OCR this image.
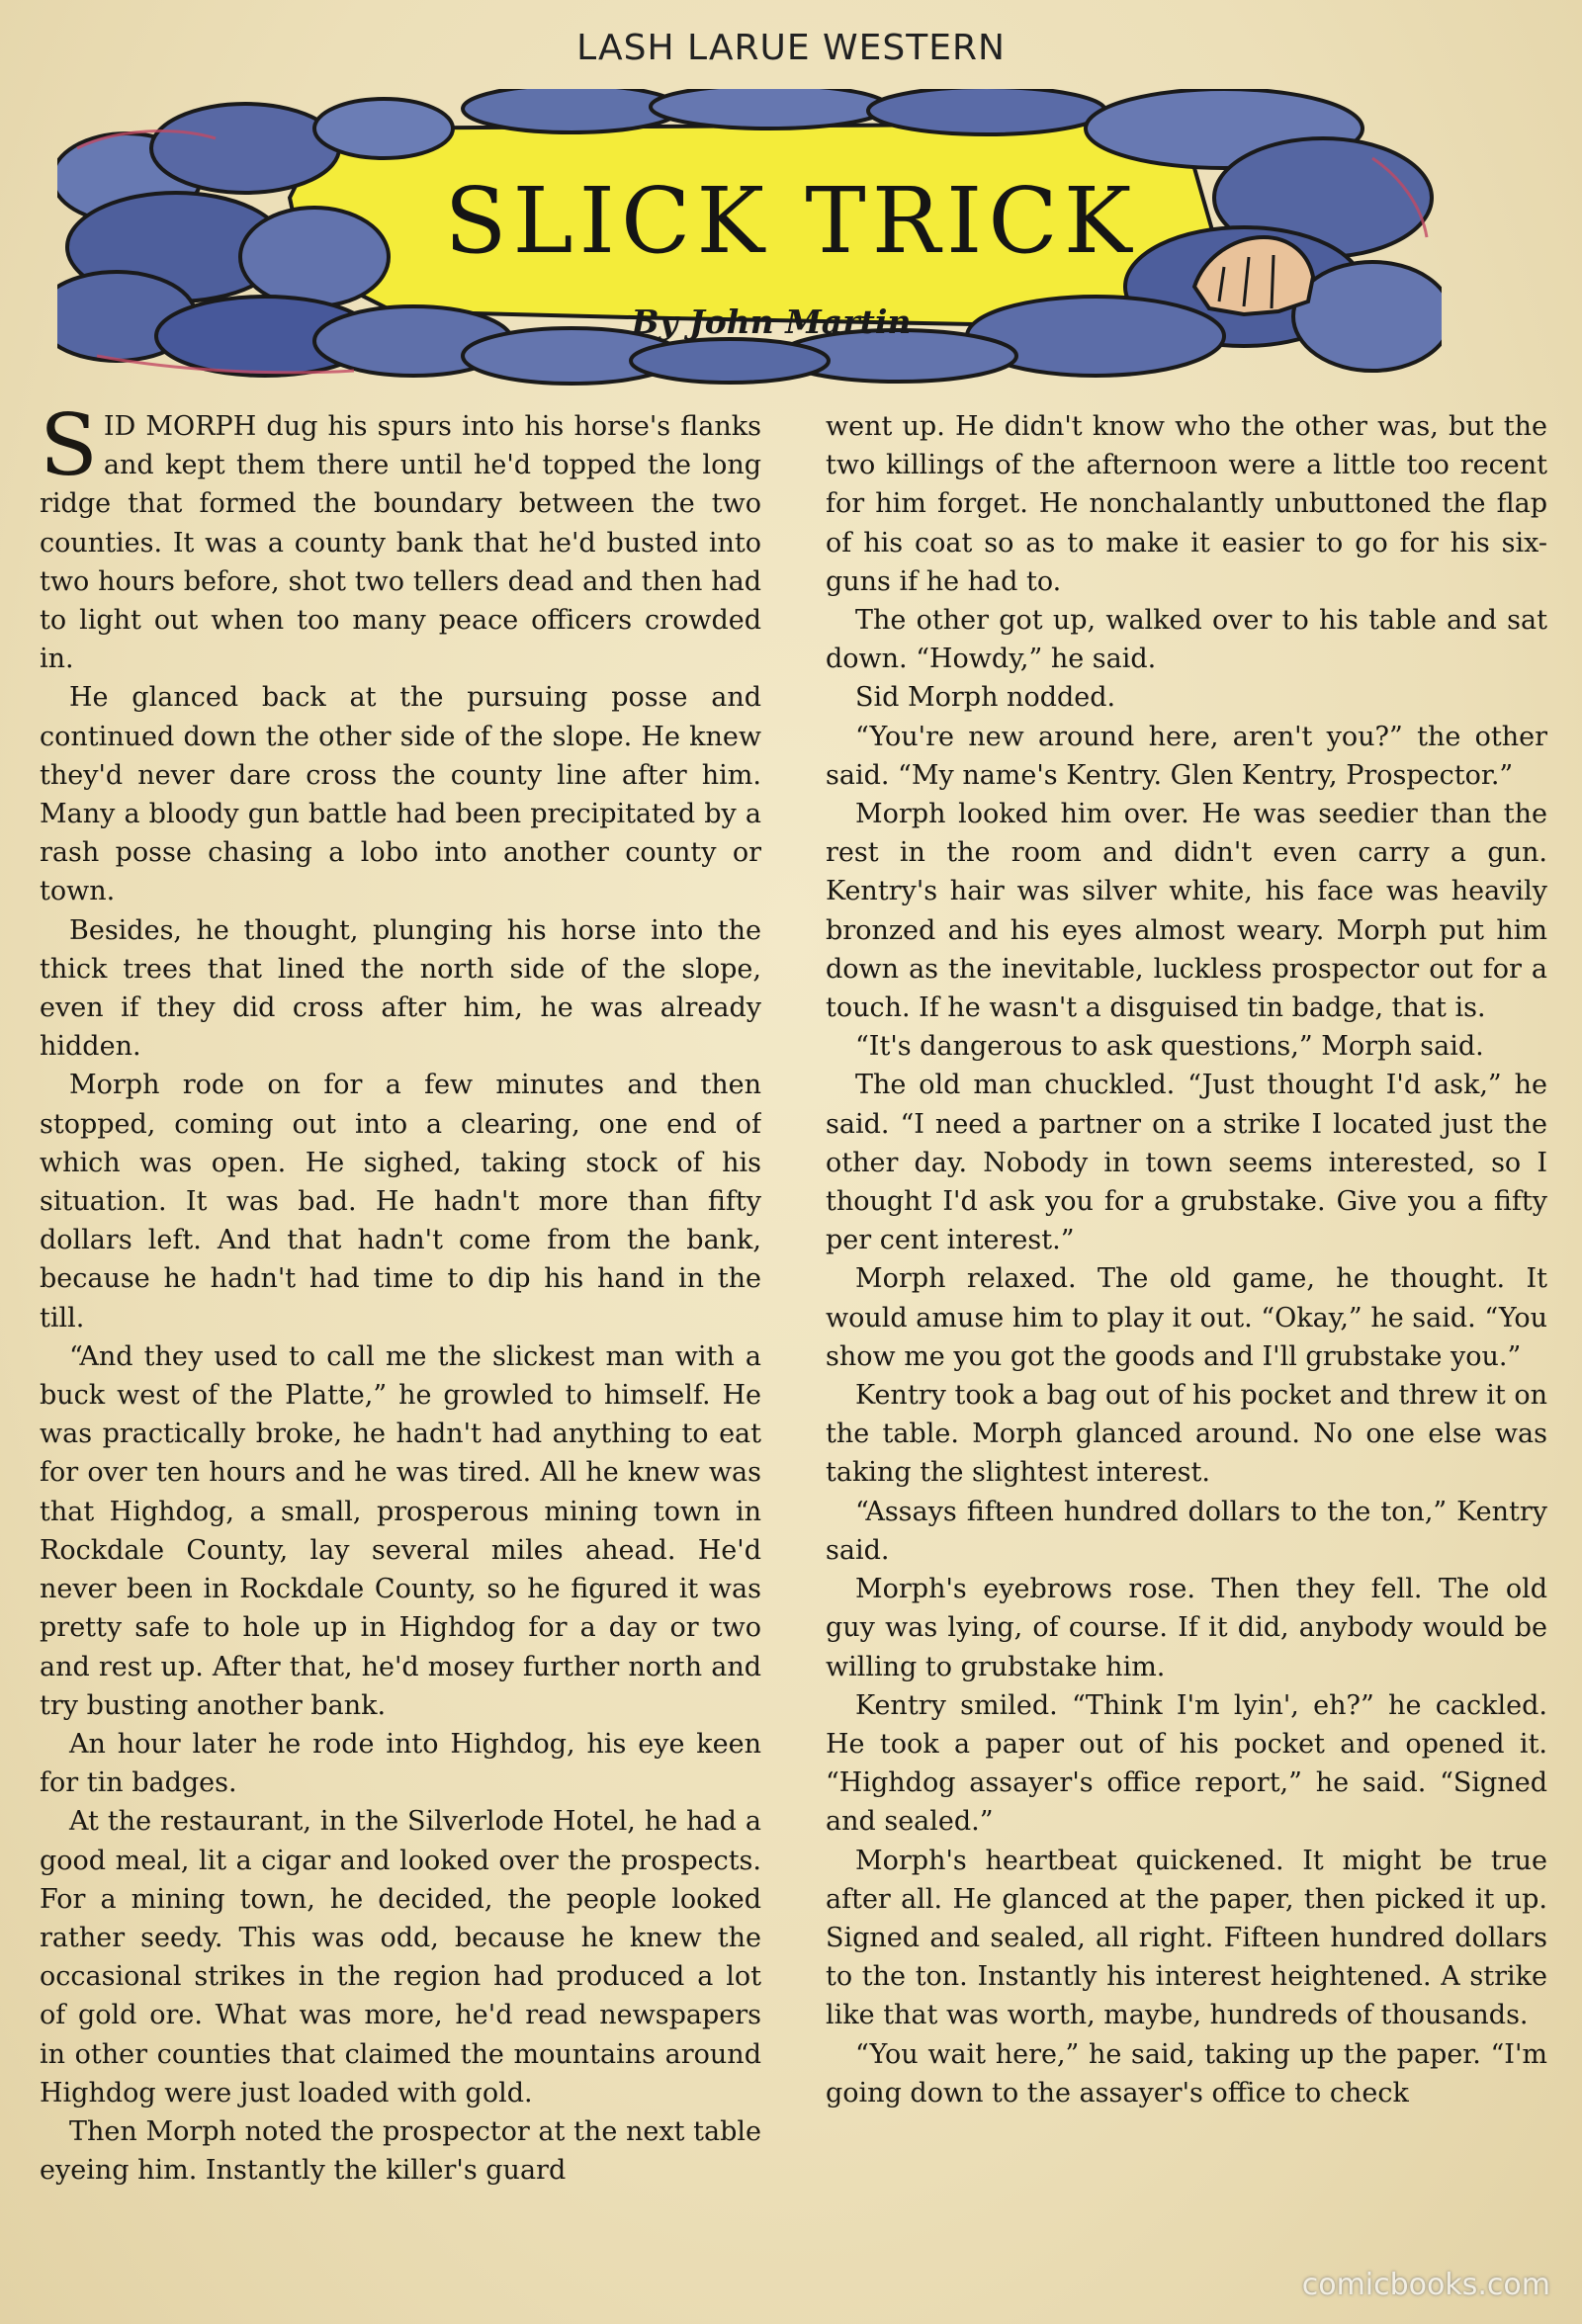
LASH LARUE WESTERN
SLICK TRICK
By John Martin

SID MORPH dug his spurs into his horse's flanks and kept them there until he'd topped the long ridge that formed the boundary between the two counties. It was a county bank that he'd busted into two hours before, shot two tellers dead and then had to light out when too many peace officers crowded in.

He glanced back at the pursuing posse and continued down the other side of the slope. He knew they'd never dare cross the county line after him. Many a bloody gun battle had been precipitated by a rash posse chasing a lobo into another county or town.

Besides, he thought, plunging his horse into the thick trees that lined the north side of the slope, even if they did cross after him, he was already hidden.

Morph rode on for a few minutes and then stopped, coming out into a clearing, one end of which was open. He sighed, taking stock of his situation. It was bad. He hadn't more than fifty dollars left. And that hadn't come from the bank, because he hadn't had time to dip his hand in the till.

“And they used to call me the slickest man with a buck west of the Platte,” he growled to himself. He was practically broke, he hadn't had anything to eat for over ten hours and he was tired. All he knew was that Highdog, a small, prosperous mining town in Rockdale County, lay several miles ahead. He'd never been in Rockdale County, so he figured it was pretty safe to hole up in Highdog for a day or two and rest up. After that, he'd mosey further north and try busting another bank.

An hour later he rode into Highdog, his eye keen for tin badges.

At the restaurant, in the Silverlode Hotel, he had a good meal, lit a cigar and looked over the prospects. For a mining town, he decided, the people looked rather seedy. This was odd, because he knew the occasional strikes in the region had produced a lot of gold ore. What was more, he'd read newspapers in other counties that claimed the mountains around Highdog were just loaded with gold.

Then Morph noted the prospector at the next table eyeing him. Instantly the killer's guard

went up. He didn't know who the other was, but the two killings of the afternoon were a little too recent for him forget. He nonchalantly unbuttoned the flap of his coat so as to make it easier to go for his six-guns if he had to.

The other got up, walked over to his table and sat down. “Howdy,” he said.

Sid Morph nodded.

“You're new around here, aren't you?” the other said. “My name's Kentry. Glen Kentry, Prospector.”

Morph looked him over. He was seedier than the rest in the room and didn't even carry a gun. Kentry's hair was silver white, his face was heavily bronzed and his eyes almost weary. Morph put him down as the inevitable, luckless prospector out for a touch. If he wasn't a disguised tin badge, that is.

“It's dangerous to ask questions,” Morph said.

The old man chuckled. “Just thought I'd ask,” he said. “I need a partner on a strike I located just the other day. Nobody in town seems interested, so I thought I'd ask you for a grubstake. Give you a fifty per cent interest.”

Morph relaxed. The old game, he thought. It would amuse him to play it out. “Okay,” he said. “You show me you got the goods and I'll grubstake you.”

Kentry took a bag out of his pocket and threw it on the table. Morph glanced around. No one else was taking the slightest interest.

“Assays fifteen hundred dollars to the ton,” Kentry said.

Morph's eyebrows rose. Then they fell. The old guy was lying, of course. If it did, anybody would be willing to grubstake him.

Kentry smiled. “Think I'm lyin', eh?” he cackled. He took a paper out of his pocket and opened it. “Highdog assayer's office report,” he said. “Signed and sealed.”

Morph's heartbeat quickened. It might be true after all. He glanced at the paper, then picked it up. Signed and sealed, all right. Fifteen hundred dollars to the ton. Instantly his interest heightened. A strike like that was worth, maybe, hundreds of thousands.

“You wait here,” he said, taking up the paper. “I'm going down to the assayer's office to check

comicbooks.com
